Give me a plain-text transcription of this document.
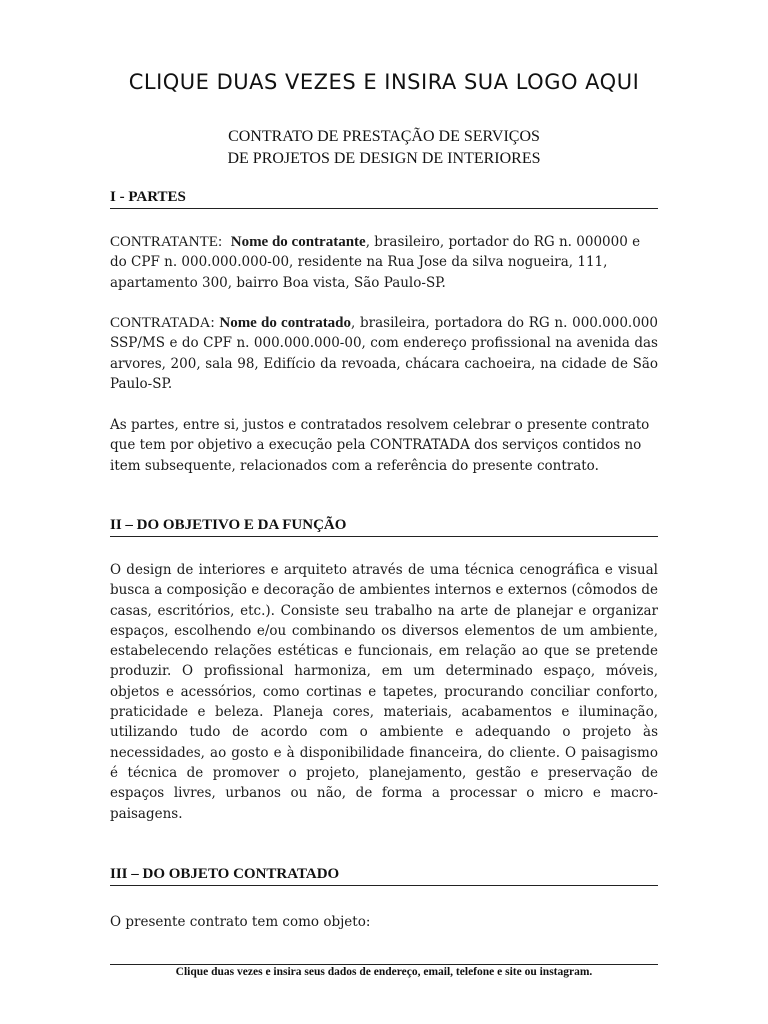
CLIQUE DUAS VEZES E INSIRA SUA LOGO AQUI
CONTRATO DE PRESTAÇÃO DE SERVIÇOS
DE PROJETOS DE DESIGN DE INTERIORES
I - PARTES
CONTRATANTE: Nome do contratante, brasileiro, portador do RG n. 000000 e do CPF n. 000.000.000-00, residente na Rua Jose da silva nogueira, 111, apartamento 300, bairro Boa vista, São Paulo-SP.
CONTRATADA: Nome do contratado, brasileira, portadora do RG n. 000.000.000 SSP/MS e do CPF n. 000.000.000-00, com endereço profissional na avenida das arvores, 200, sala 98, Edifício da revoada, chácara cachoeira, na cidade de São Paulo-SP.
As partes, entre si, justos e contratados resolvem celebrar o presente contrato que tem por objetivo a execução pela CONTRATADA dos serviços contidos no item subsequente, relacionados com a referência do presente contrato.
II – DO OBJETIVO E DA FUNÇÃO
O design de interiores e arquiteto através de uma técnica cenográfica e visual busca a composição e decoração de ambientes internos e externos (cômodos de casas, escritórios, etc.). Consiste seu trabalho na arte de planejar e organizar espaços, escolhendo e/ou combinando os diversos elementos de um ambiente, estabelecendo relações estéticas e funcionais, em relação ao que se pretende produzir. O profissional harmoniza, em um determinado espaço, móveis, objetos e acessórios, como cortinas e tapetes, procurando conciliar conforto, praticidade e beleza. Planeja cores, materiais, acabamentos e iluminação, utilizando tudo de acordo com o ambiente e adequando o projeto às necessidades, ao gosto e à disponibilidade financeira, do cliente. O paisagismo é técnica de promover o projeto, planejamento, gestão e preservação de espaços livres, urbanos ou não, de forma a processar o micro e macro-paisagens.
III – DO OBJETO CONTRATADO
O presente contrato tem como objeto:
Clique duas vezes e insira seus dados de endereço, email, telefone e site ou instagram.
